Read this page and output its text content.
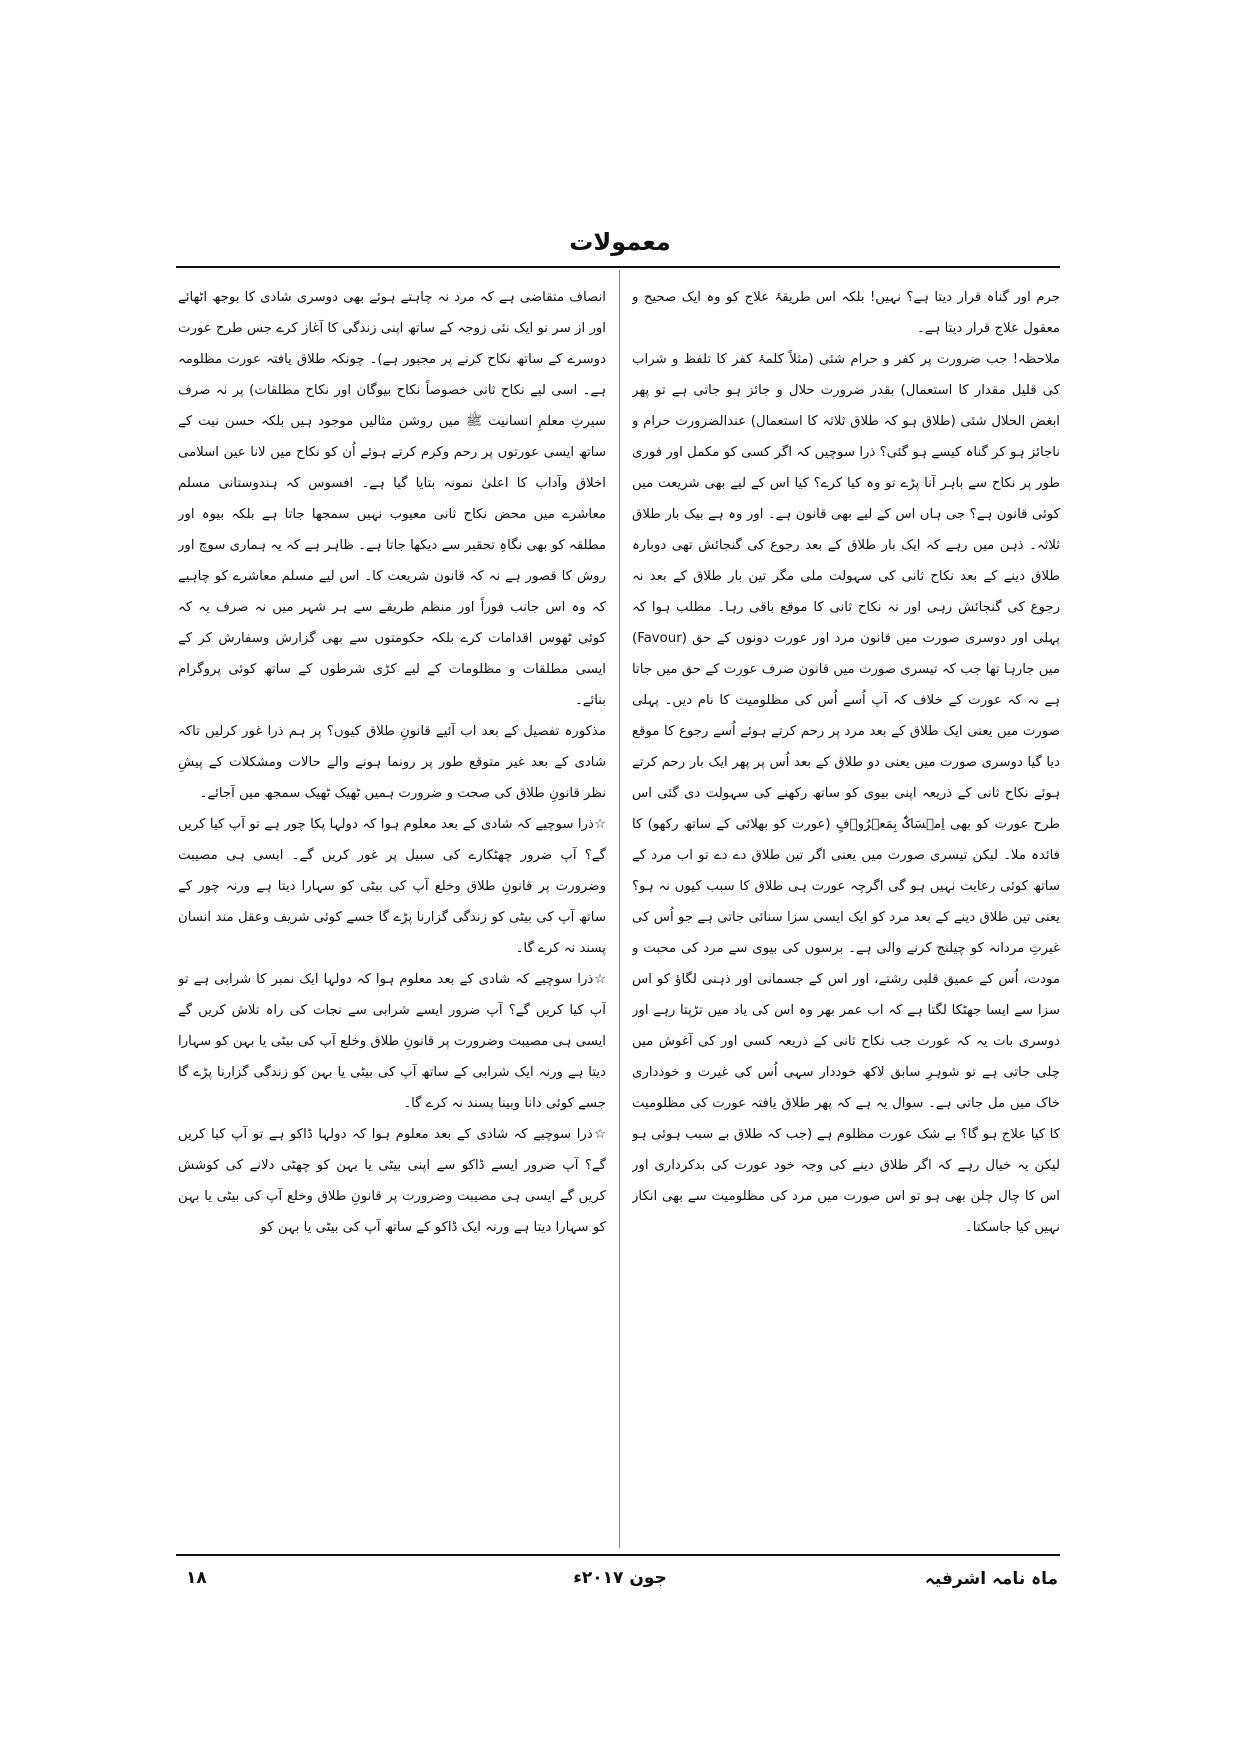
معمولات

جرم اور گناہ قرار دیتا ہے؟ نہیں! بلکہ اس طریقۂ علاج کو وہ ایک صحیح و معقول علاج قرار دیتا ہے۔

ملاحظہ! جب ضرورت پر کفر و حرام شئی (مثلاً کلمۂ کفر کا تلفظ و شراب کی قلیل مقدار کا استعمال) بقدر ضرورت حلال و جائز ہو جاتی ہے تو پھر ابغض الحلال شئی (طلاق ہو کہ طلاق ثلاثہ کا استعمال) عندالضرورت حرام و ناجائز ہو کر گناہ کیسے ہو گئی؟ ذرا سوچیں کہ اگر کسی کو مکمل اور فوری طور پر نکاح سے باہر آنا پڑے تو وہ کیا کرے؟ کیا اس کے لیے بھی شریعت میں کوئی قانون ہے؟ جی ہاں اس کے لیے بھی قانون ہے۔ اور وہ ہے بیک بار طلاق ثلاثہ۔ ذہن میں رہے کہ ایک بار طلاق کے بعد رجوع کی گنجائش تھی دوبارہ طلاق دینے کے بعد نکاح ثانی کی سہولت ملی مگر تین بار طلاق کے بعد نہ رجوع کی گنجائش رہی اور نہ نکاح ثانی کا موقع باقی رہا۔ مطلب ہوا کہ پہلی اور دوسری صورت میں قانون مرد اور عورت دونوں کے حق (Favour) میں جارہا تھا جب کہ تیسری صورت میں قانون صرف عورت کے حق میں جاتا ہے نہ کہ عورت کے خلاف کہ آپ اُسے اُس کی مظلومیت کا نام دیں۔ پہلی صورت میں یعنی ایک طلاق کے بعد مرد پر رحم کرتے ہوئے اُسے رجوع کا موقع دیا گیا دوسری صورت میں یعنی دو طلاق کے بعد اُس پر پھر ایک بار رحم کرتے ہوئے نکاح ثانی کے ذریعہ اپنی بیوی کو ساتھ رکھنے کی سہولت دی گئی اس طرح عورت کو بھی اِمۡسَاکٌۢ بِمَعۡرُوۡفٍ (عورت کو بھلائی کے ساتھ رکھو) کا فائدہ ملا۔ لیکن تیسری صورت میں یعنی اگر تین طلاق دے دے تو اب مرد کے ساتھ کوئی رعایت نہیں ہو گی اگرچہ عورت ہی طلاق کا سبب کیوں نہ ہو؟ یعنی تین طلاق دینے کے بعد مرد کو ایک ایسی سزا سنائی جاتی ہے جو اُس کی غیرتِ مردانہ کو چیلنج کرنے والی ہے۔ برسوں کی بیوی سے مرد کی محبت و مودت، اُس کے عمیق قلبی رشتے، اور اس کے جسمانی اور ذہنی لگاؤ کو اس سزا سے ایسا جھٹکا لگتا ہے کہ اب عمر بھر وہ اس کی یاد میں تڑپتا رہے اور دوسری بات یہ کہ عورت جب نکاح ثانی کے ذریعہ کسی اور کی آغوش میں چلی جاتی ہے تو شوہرِ سابق لاکھ خوددار سہی اُس کی غیرت و خودداری خاک میں مل جاتی ہے۔ سوال یہ ہے کہ پھر طلاق یافتہ عورت کی مظلومیت کا کیا علاج ہو گا؟ بے شک عورت مظلوم ہے (جب کہ طلاق بے سبب ہوئی ہو لیکن یہ خیال رہے کہ اگر طلاق دینے کی وجہ خود عورت کی بدکرداری اور اس کا چال چلن بھی ہو تو اس صورت میں مرد کی مظلومیت سے بھی انکار نہیں کیا جاسکتا۔

انصاف متقاضی ہے کہ مرد نہ چاہتے ہوئے بھی دوسری شادی کا بوجھ اٹھائے اور از سر نو ایک نئی زوجہ کے ساتھ اپنی زندگی کا آغاز کرے جس طرح عورت دوسرے کے ساتھ نکاح کرنے پر مجبور ہے)۔ چونکہ طلاق یافتہ عورت مظلومہ ہے۔ اسی لیے نکاح ثانی خصوصاً نکاح بیوگان اور نکاح مطلقات) پر نہ صرف سیرتِ معلمِ انسانیت ﷺ میں روشن مثالیں موجود ہیں بلکہ حسن نیت کے ساتھ ایسی عورتوں پر رحم وکرم کرتے ہوئے اُن کو نکاح میں لانا عین اسلامی اخلاق وآداب کا اعلیٰ نمونہ بتایا گیا ہے۔ افسوس کہ ہندوستانی مسلم معاشرے میں محض نکاح ثانی معیوب نہیں سمجھا جاتا ہے بلکہ بیوہ اور مطلقہ کو بھی نگاہِ تحقیر سے دیکھا جاتا ہے۔ ظاہر ہے کہ یہ ہماری سوچ اور روش کا قصور ہے نہ کہ قانون شریعت کا۔ اس لیے مسلم معاشرے کو چاہیے کہ وہ اس جانب فوراً اور منظم طریقے سے ہر شہر میں نہ صرف یہ کہ کوئی ٹھوس اقدامات کرے بلکہ حکومتوں سے بھی گزارش وسفارش کر کے ایسی مطلقات و مظلومات کے لیے کڑی شرطوں کے ساتھ کوئی پروگرام بنائے۔

مذکورہ تفصیل کے بعد اب آئیے قانونِ طلاق کیوں؟ پر ہم ذرا غور کرلیں تاکہ شادی کے بعد غیر متوقع طور پر رونما ہونے والے حالات ومشکلات کے پیشِ نظر قانونِ طلاق کی صحت و ضرورت ہمیں ٹھیک ٹھیک سمجھ میں آجائے۔

☆ذرا سوچیے کہ شادی کے بعد معلوم ہوا کہ دولہا پکا چور ہے تو آپ کیا کریں گے؟ آپ ضرور چھٹکارے کی سبیل پر غور کریں گے۔ ایسی ہی مصیبت وضرورت پر قانونِ طلاق وخلع آپ کی بیٹی کو سہارا دیتا ہے ورنہ چور کے ساتھ آپ کی بیٹی کو زندگی گزارنا پڑے گا جسے کوئی شریف وعقل مند انسان پسند نہ کرے گا۔

☆ذرا سوچیے کہ شادی کے بعد معلوم ہوا کہ دولہا ایک نمبر کا شرابی ہے تو آپ کیا کریں گے؟ آپ ضرور ایسے شرابی سے نجات کی راہ تلاش کریں گے ایسی ہی مصیبت وضرورت پر قانونِ طلاق وخلع آپ کی بیٹی یا بہن کو سہارا دیتا ہے ورنہ ایک شرابی کے ساتھ آپ کی بیٹی یا بہن کو زندگی گزارنا پڑے گا جسے کوئی دانا وبینا پسند نہ کرے گا۔

☆ذرا سوچیے کہ شادی کے بعد معلوم ہوا کہ دولہا ڈاکو ہے تو آپ کیا کریں گے؟ آپ ضرور ایسے ڈاکو سے اپنی بیٹی یا بہن کو چھٹی دلانے کی کوشش کریں گے ایسی ہی مصیبت وضرورت پر قانونِ طلاق وخلع آپ کی بیٹی یا بہن کو سہارا دیتا ہے ورنہ ایک ڈاکو کے ساتھ آپ کی بیٹی یا بہن کو

ماہ نامہ اشرفیہ
جون ۲۰۱۷ء
۱۸
